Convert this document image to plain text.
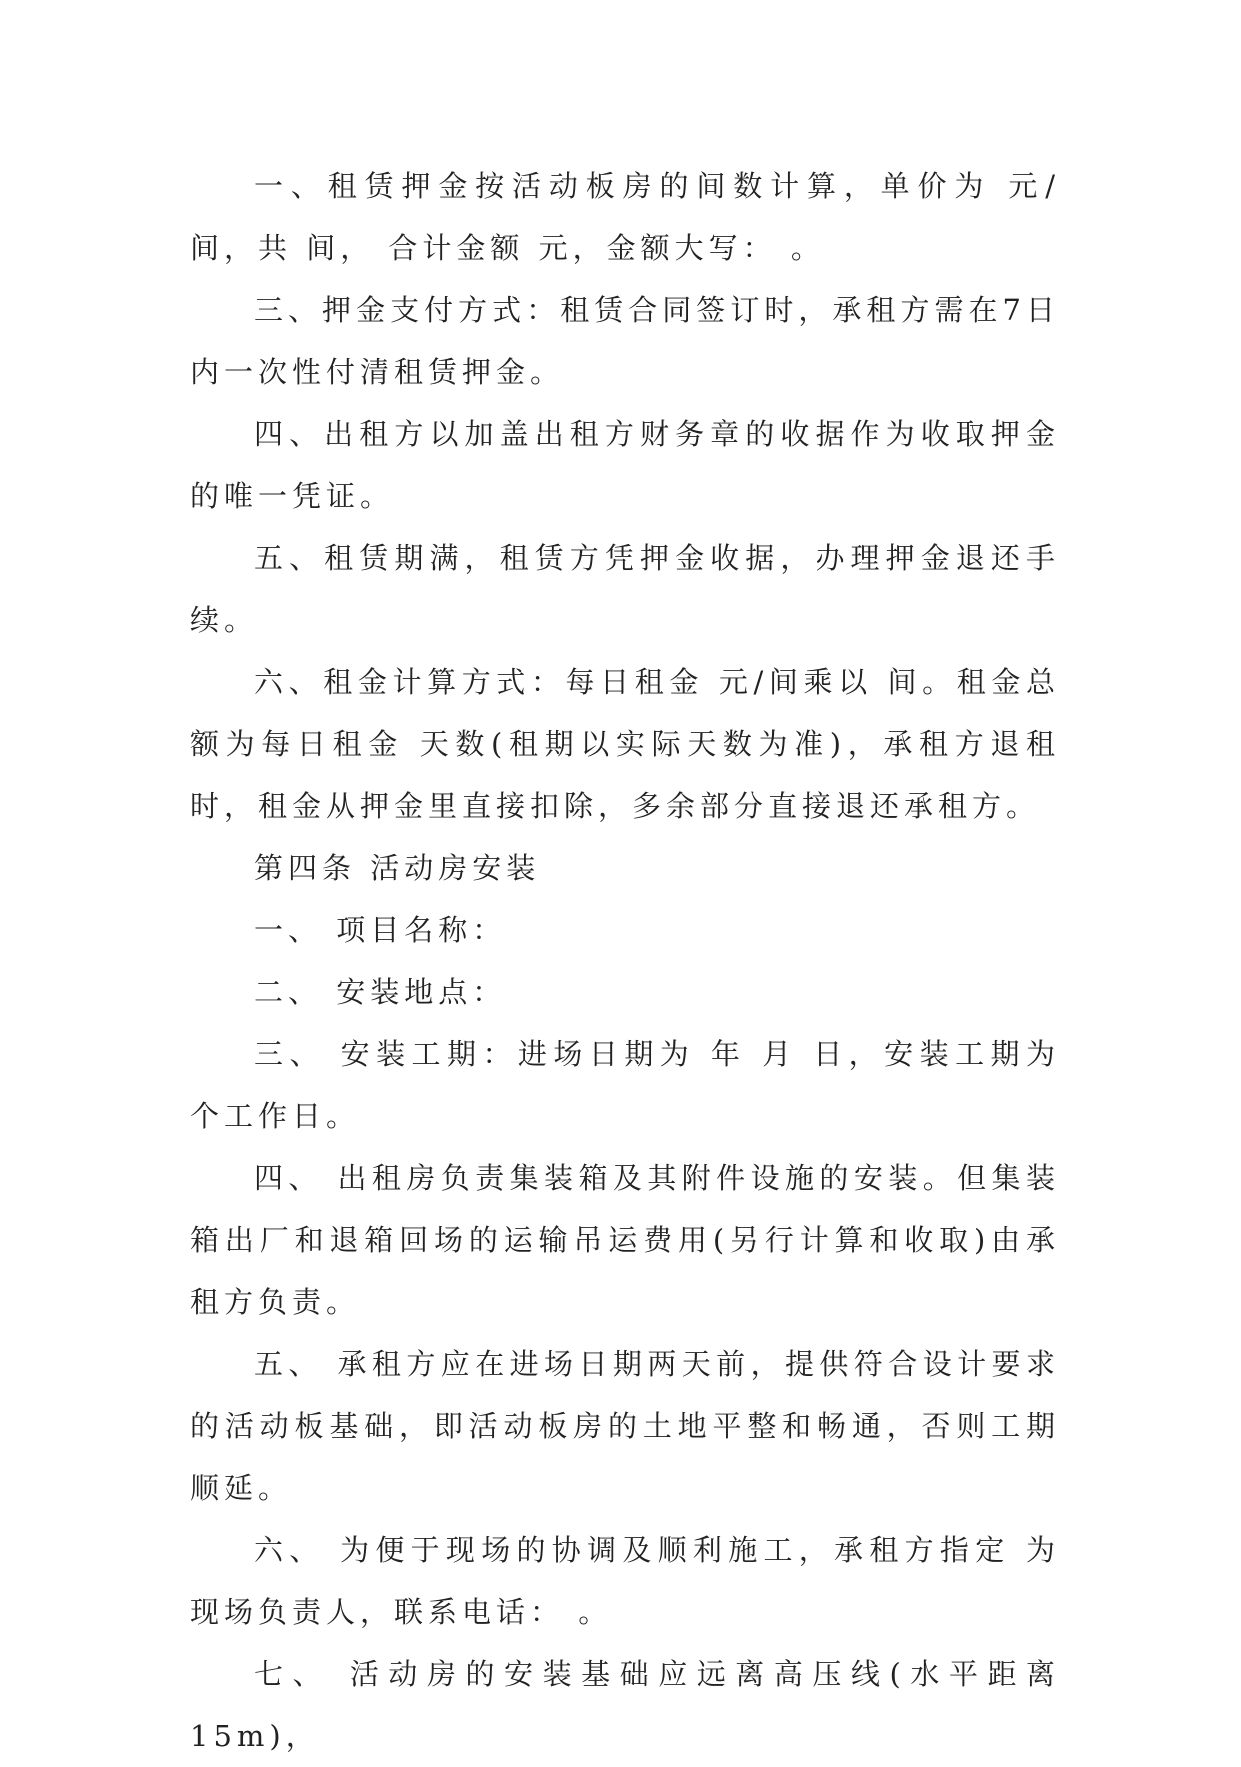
一、租赁押金按活动板房的间数计算，单价为 元/间，共 间， 合计金额 元，金额大写： 。

三、押金支付方式：租赁合同签订时，承租方需在7日内一次性付清租赁押金。

四、出租方以加盖出租方财务章的收据作为收取押金的唯一凭证。

五、租赁期满，租赁方凭押金收据，办理押金退还手续。

六、租金计算方式：每日租金 元/间乘以 间。租金总额为每日租金 天数(租期以实际天数为准)，承租方退租时，租金从押金里直接扣除，多余部分直接退还承租方。

第四条 活动房安装

一、 项目名称：

二、 安装地点：

三、 安装工期：进场日期为 年 月 日，安装工期为 个工作日。

四、 出租房负责集装箱及其附件设施的安装。但集装箱出厂和退箱回场的运输吊运费用(另行计算和收取)由承租方负责。

五、 承租方应在进场日期两天前，提供符合设计要求的活动板基础，即活动板房的土地平整和畅通，否则工期顺延。

六、 为便于现场的协调及顺利施工，承租方指定 为现场负责人，联系电话： 。

七、 活动房的安装基础应远离高压线(水平距离15m)，
